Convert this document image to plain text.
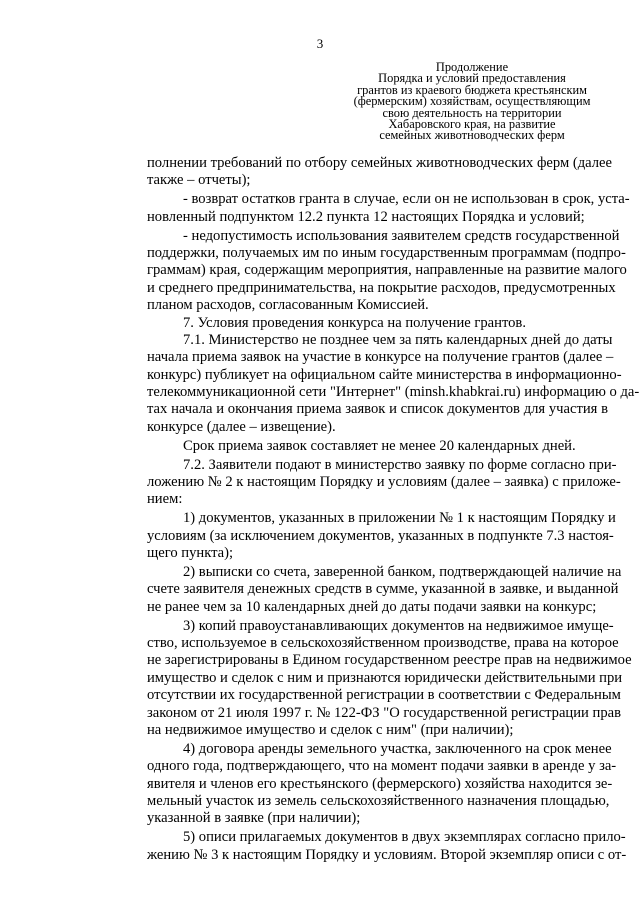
3
Продолжение
Порядка и условий предоставления
грантов из краевого бюджета крестьянским
(фермерским) хозяйствам, осуществляющим
свою деятельность на территории
Хабаровского края, на развитие
семейных животноводческих ферм
полнении требований по отбору семейных животноводческих ферм (далее
также – отчеты);
- возврат остатков гранта в случае, если он не использован в срок, уста-
новленный подпунктом 12.2 пункта 12 настоящих Порядка и условий;
- недопустимость использования заявителем средств государственной
поддержки, получаемых им по иным государственным программам (подпро-
граммам) края, содержащим мероприятия, направленные на развитие малого
и среднего предпринимательства, на покрытие расходов, предусмотренных
планом расходов, согласованным Комиссией.
7. Условия проведения конкурса на получение грантов.
7.1. Министерство не позднее чем за пять календарных дней до даты
начала приема заявок на участие в конкурсе на получение грантов (далее –
конкурс) публикует на официальном сайте министерства в информационно-
телекоммуникационной сети "Интернет" (minsh.khabkrai.ru) информацию о да-
тах начала и окончания приема заявок и список документов для участия в
конкурсе (далее – извещение).
Срок приема заявок составляет не менее 20 календарных дней.
7.2. Заявители подают в министерство заявку по форме согласно при-
ложению № 2 к настоящим Порядку и условиям (далее – заявка) с приложе-
нием:
1) документов, указанных в приложении № 1 к настоящим Порядку и
условиям (за исключением документов, указанных в подпункте 7.3 настоя-
щего пункта);
2) выписки со счета, заверенной банком, подтверждающей наличие на
счете заявителя денежных средств в сумме, указанной в заявке, и выданной
не ранее чем за 10 календарных дней до даты подачи заявки на конкурс;
3) копий правоустанавливающих документов на недвижимое имуще-
ство, используемое в сельскохозяйственном производстве, права на которое
не зарегистрированы в Едином государственном реестре прав на недвижимое
имущество и сделок с ним и признаются юридически действительными при
отсутствии их государственной регистрации в соответствии с Федеральным
законом от 21 июля 1997 г. № 122-ФЗ "О государственной регистрации прав
на недвижимое имущество и сделок с ним" (при наличии);
4) договора аренды земельного участка, заключенного на срок менее
одного года, подтверждающего, что на момент подачи заявки в аренде у за-
явителя и членов его крестьянского (фермерского) хозяйства находится зе-
мельный участок из земель сельскохозяйственного назначения площадью,
указанной в заявке (при наличии);
5) описи прилагаемых документов в двух экземплярах согласно прило-
жению № 3 к настоящим Порядку и условиям. Второй экземпляр описи с от-
